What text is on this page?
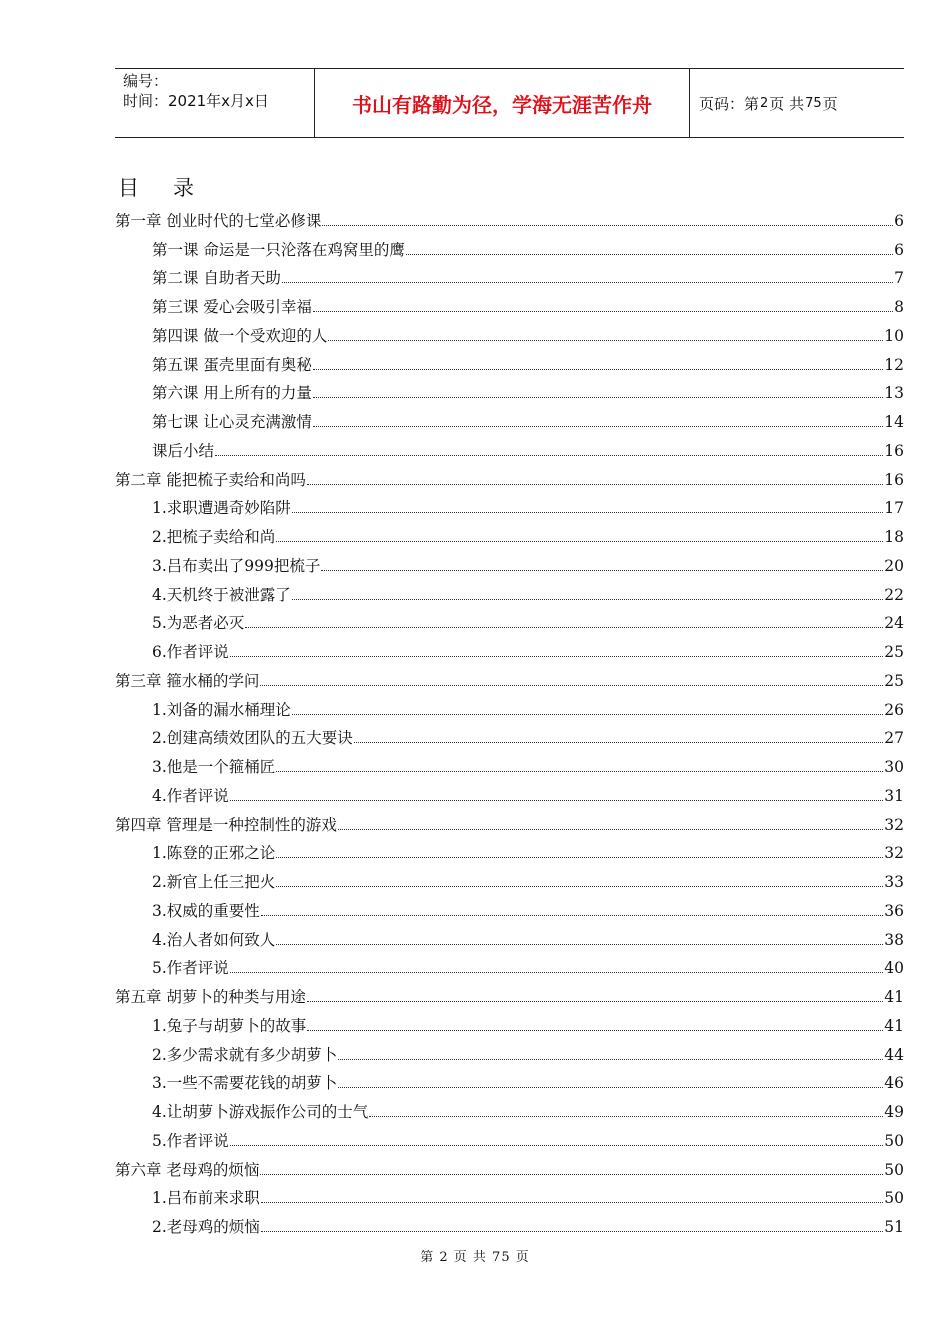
编号：
时间：2021年x月x日	书山有路勤为径，学海无涯苦作舟	页码：第 2 页 共 75 页
目 录
第一章 创业时代的七堂必修课	6
第一课 命运是一只沦落在鸡窝里的鹰	6
第二课 自助者天助	7
第三课 爱心会吸引幸福	8
第四课 做一个受欢迎的人	10
第五课 蛋壳里面有奥秘	12
第六课 用上所有的力量	13
第七课 让心灵充满激情	14
课后小结	16
第二章 能把梳子卖给和尚吗	16
1.求职遭遇奇妙陷阱	17
2.把梳子卖给和尚	18
3.吕布卖出了999把梳子	20
4.天机终于被泄露了	22
5.为恶者必灭	24
6.作者评说	25
第三章 箍水桶的学问	25
1.刘备的漏水桶理论	26
2.创建高绩效团队的五大要诀	27
3.他是一个箍桶匠	30
4.作者评说	31
第四章 管理是一种控制性的游戏	32
1.陈登的正邪之论	32
2.新官上任三把火	33
3.权威的重要性	36
4.治人者如何致人	38
5.作者评说	40
第五章 胡萝卜的种类与用途	41
1.兔子与胡萝卜的故事	41
2.多少需求就有多少胡萝卜	44
3.一些不需要花钱的胡萝卜	46
4.让胡萝卜游戏振作公司的士气	49
5.作者评说	50
第六章 老母鸡的烦恼	50
1.吕布前来求职	50
2.老母鸡的烦恼	51
第 2 页 共 75 页
